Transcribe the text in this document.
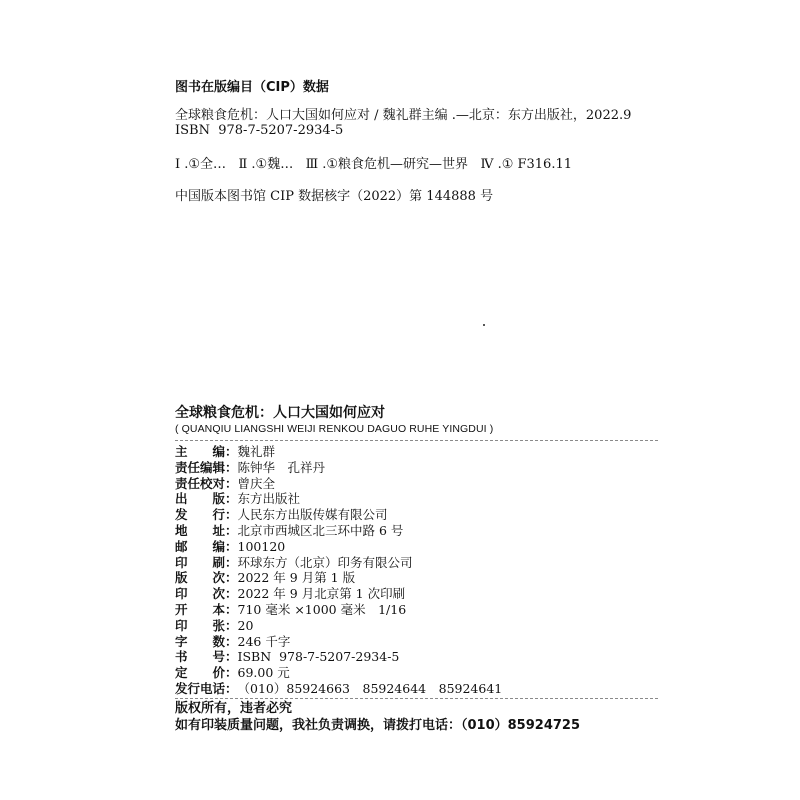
图书在版编目（CIP）数据
全球粮食危机：人口大国如何应对 / 魏礼群主编 .—北京：东方出版社，2022.9
ISBN  978-7-5207-2934-5
Ⅰ .①全…   Ⅱ .①魏…   Ⅲ .①粮食危机—研究—世界   Ⅳ .① F316.11
中国版本图书馆 CIP 数据核字（2022）第 144888 号
全球粮食危机：人口大国如何应对
( QUANQIU LIANGSHI WEIJI RENKOU DAGUO RUHE YINGDUI )
主　　编： 魏礼群
责任编辑： 陈钟华　孔祥丹
责任校对： 曾庆全
出　　版： 东方出版社
发　　行： 人民东方出版传媒有限公司
地　　址： 北京市西城区北三环中路 6 号
邮　　编： 100120
印　　刷： 环球东方（北京）印务有限公司
版　　次： 2022 年 9 月第 1 版
印　　次： 2022 年 9 月北京第 1 次印刷
开　　本： 710 毫米 ×1000 毫米　1/16
印　　张： 20
字　　数： 246 千字
书　　号： ISBN  978-7-5207-2934-5
定　　价： 69.00 元
发行电话： （010）85924663　85924644　85924641
版权所有，违者必究
如有印装质量问题，我社负责调换，请拨打电话：（010）85924725
